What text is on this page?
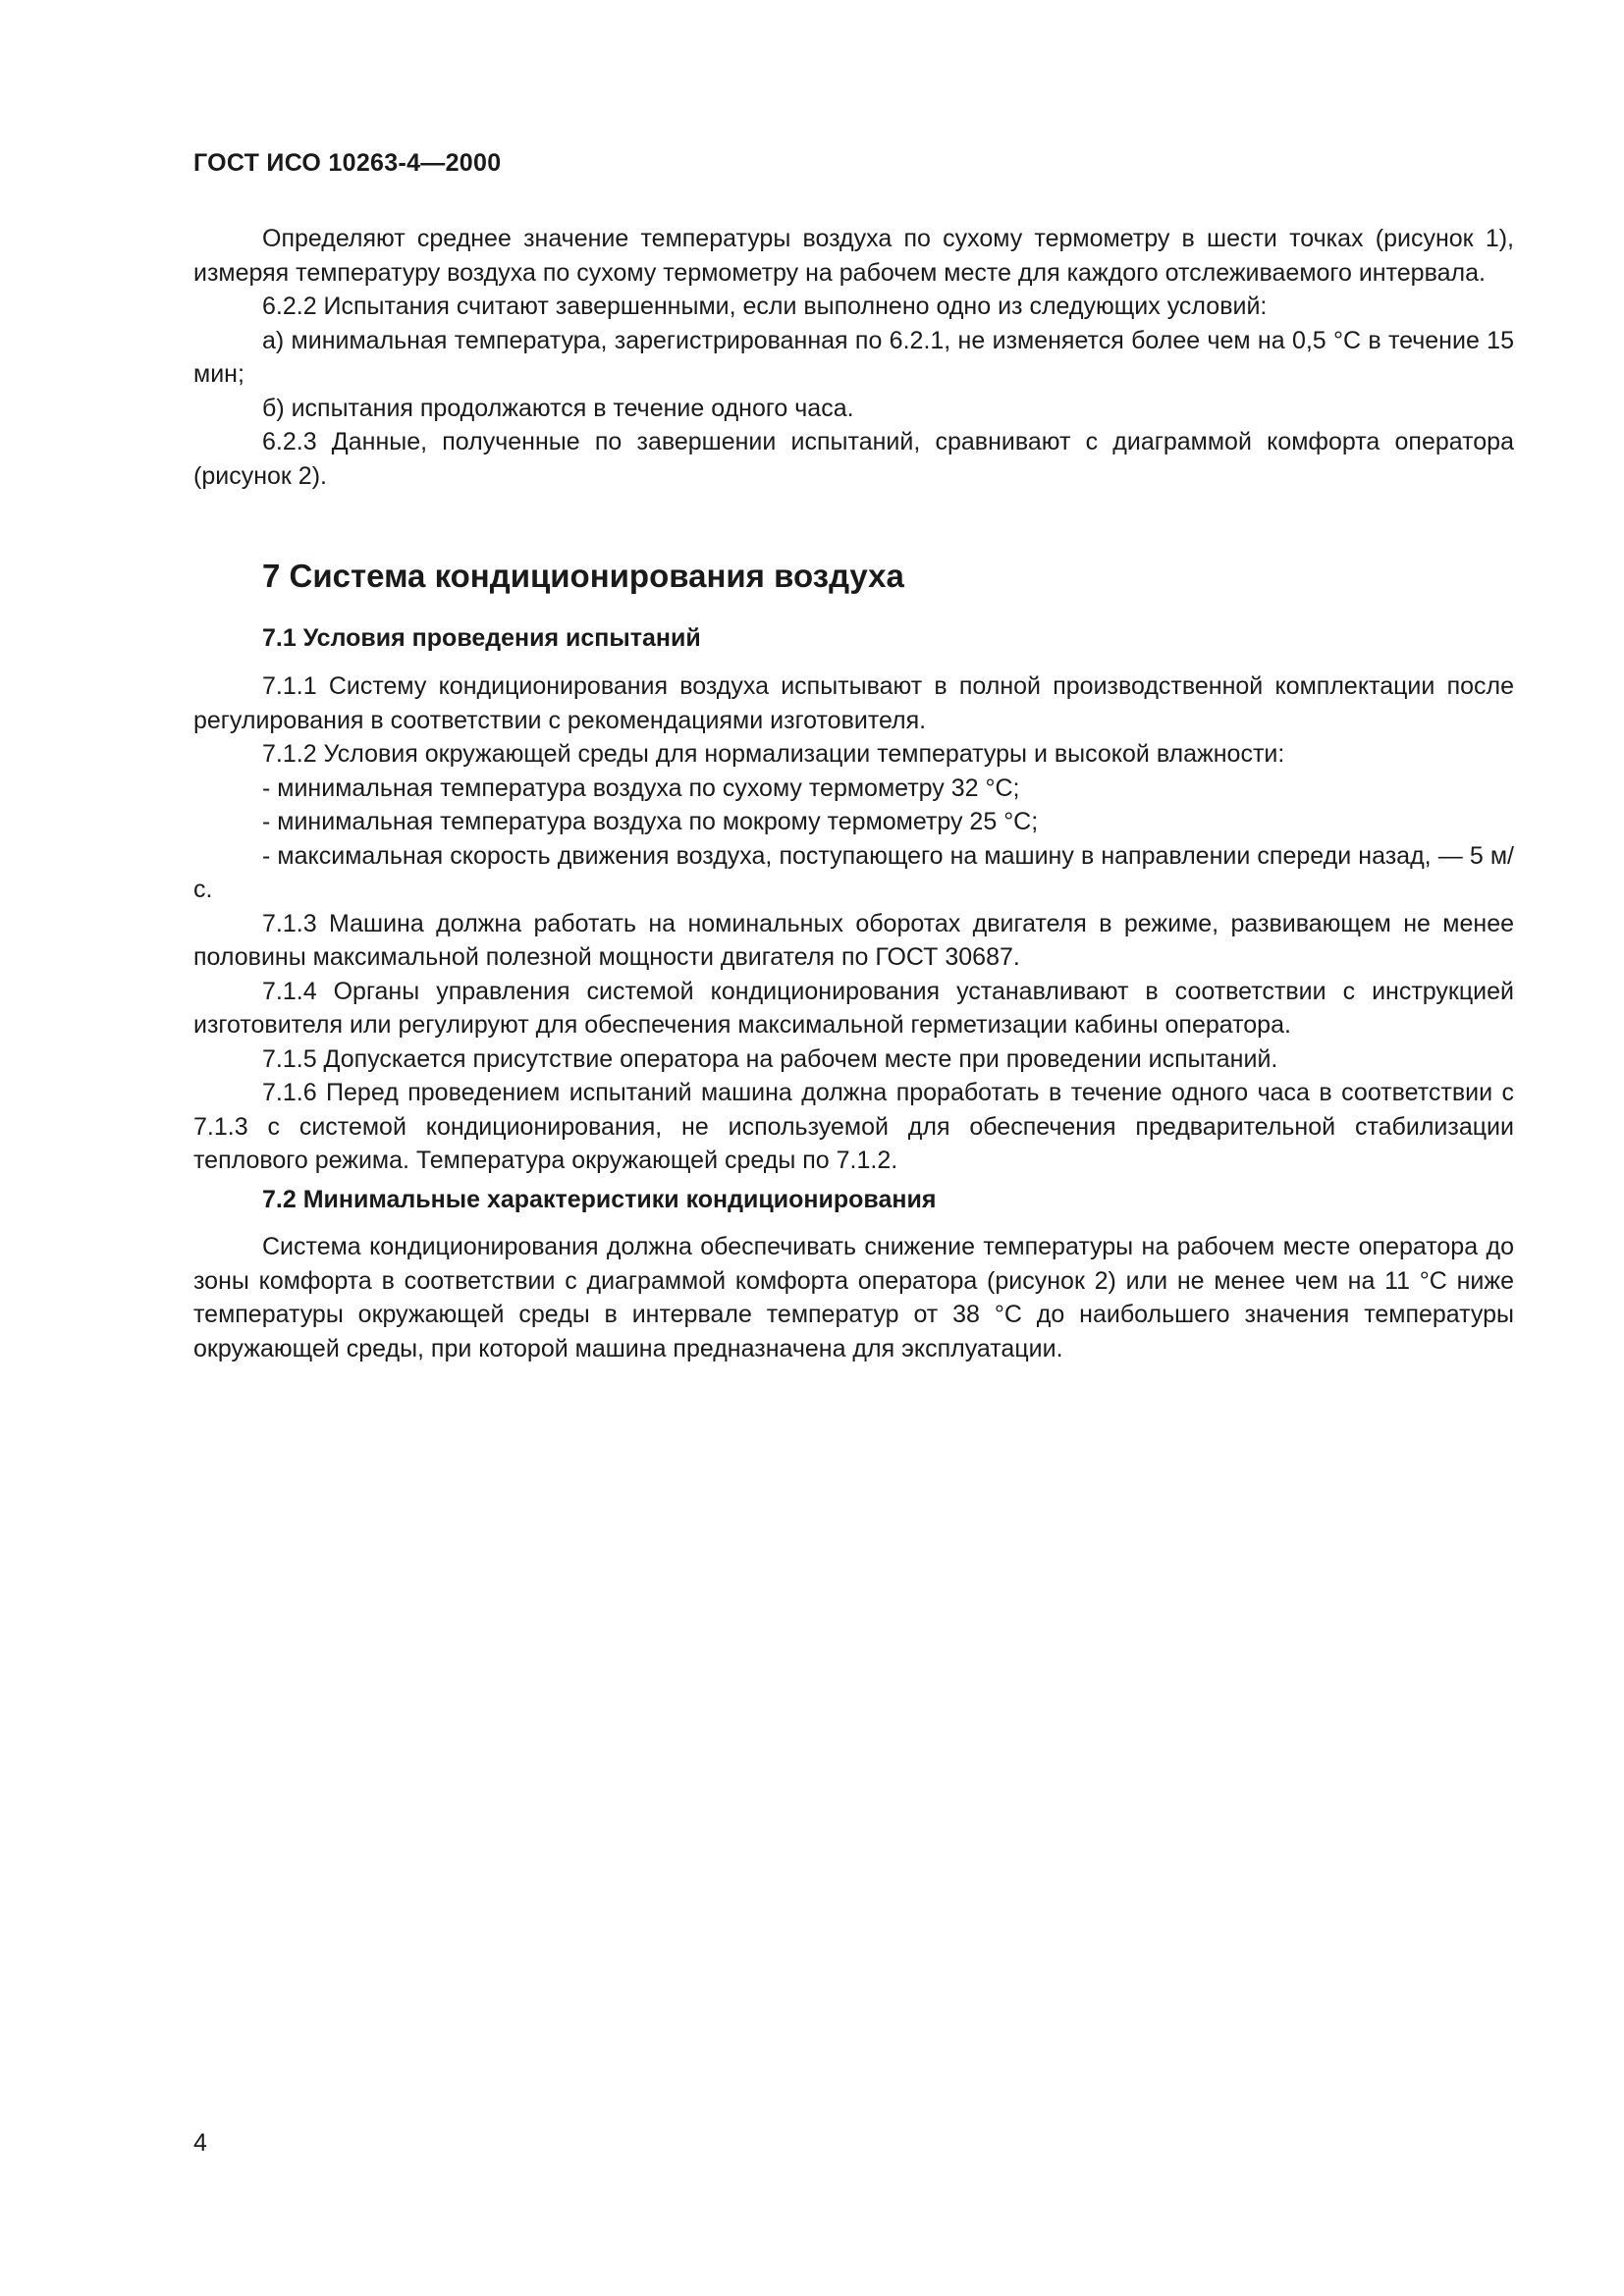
ГОСТ ИСО 10263-4—2000

Определяют среднее значение температуры воздуха по сухому термометру в шести точках (рисунок 1), измеряя температуру воздуха по сухому термометру на рабочем месте для каждого отслеживаемого интервала.

6.2.2 Испытания считают завершенными, если выполнено одно из следующих условий:

а) минимальная температура, зарегистрированная по 6.2.1, не изменяется более чем на 0,5 °С в течение 15 мин;

б) испытания продолжаются в течение одного часа.

6.2.3 Данные, полученные по завершении испытаний, сравнивают с диаграммой комфорта оператора (рисунок 2).

7 Система кондиционирования воздуха
7.1 Условия проведения испытаний

7.1.1 Систему кондиционирования воздуха испытывают в полной производственной комплектации после регулирования в соответствии с рекомендациями изготовителя.

7.1.2 Условия окружающей среды для нормализации температуры и высокой влажности:

- минимальная температура воздуха по сухому термометру 32 °С;

- минимальная температура воздуха по мокрому термометру 25 °С;

- максимальная скорость движения воздуха, поступающего на машину в направлении спереди назад, — 5 м/с.

7.1.3 Машина должна работать на номинальных оборотах двигателя в режиме, развивающем не менее половины максимальной полезной мощности двигателя по ГОСТ 30687.

7.1.4 Органы управления системой кондиционирования устанавливают в соответствии с инструкцией изготовителя или регулируют для обеспечения максимальной герметизации кабины оператора.

7.1.5 Допускается присутствие оператора на рабочем месте при проведении испытаний.

7.1.6 Перед проведением испытаний машина должна проработать в течение одного часа в соответствии с 7.1.3 с системой кондиционирования, не используемой для обеспечения предварительной стабилизации теплового режима. Температура окружающей среды по 7.1.2.

7.2 Минимальные характеристики кондиционирования

Система кондиционирования должна обеспечивать снижение температуры на рабочем месте оператора до зоны комфорта в соответствии с диаграммой комфорта оператора (рисунок 2) или не менее чем на 11 °С ниже температуры окружающей среды в интервале температур от 38 °С до наибольшего значения температуры окружающей среды, при которой машина предназначена для эксплуатации.

4
